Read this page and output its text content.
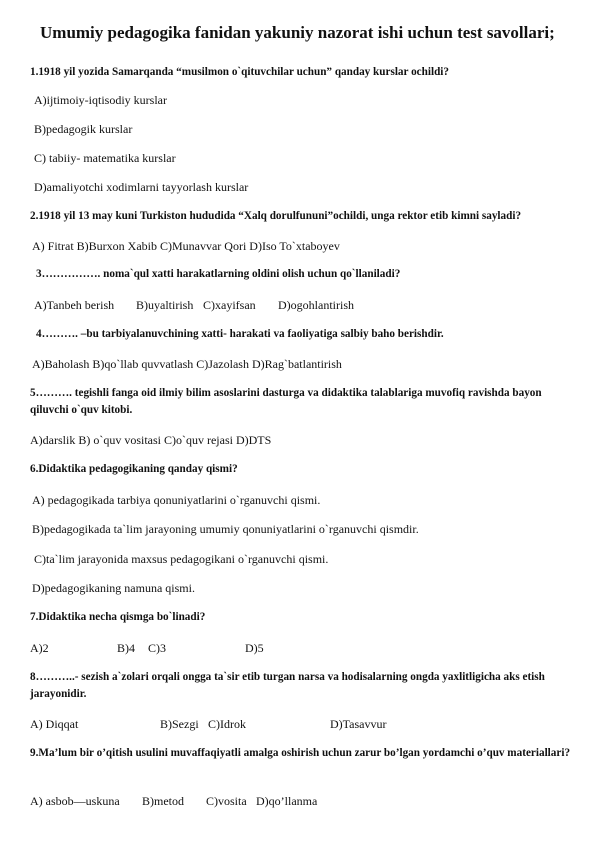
Umumiy pedagogika fanidan yakuniy nazorat ishi uchun test savollari;
1.1918 yil yozida Samarqanda “musilmon o`qituvchilar uchun” qanday kurslar ochildi?
A)ijtimoiy-iqtisodiy kurslar
B)pedagogik kurslar
C) tabiiy- matematika kurslar
D)amaliyotchi xodimlarni tayyorlash kurslar
2.1918 yil 13 may kuni Turkiston hududida “Xalq dorulfununi”ochildi, unga rektor etib kimni sayladi?
A) Fitrat B)Burxon Xabib C)Munavvar Qori D)Iso To`xtaboyev
3……………. noma`qul xatti harakatlarning oldini olish uchun qo`llaniladi?
A)Tanbeh berish B)uyaltirish C)xayifsan D)ogohlantirish
4………. –bu tarbiyalanuvchining xatti- harakati va faoliyatiga salbiy baho berishdir.
A)Baholash B)qo`llab quvvatlash C)Jazolash D)Rag`batlantirish
5………. tegishli fanga oid ilmiy bilim asoslarini dasturga va didaktika talablariga muvofiq ravishda bayon qiluvchi o`quv kitobi.
A)darslik B) o`quv vositasi C)o`quv rejasi D)DTS
6.Didaktika pedagogikaning qanday qismi?
A) pedagogikada tarbiya qonuniyatlarini o`rganuvchi qismi.
B)pedagogikada ta`lim jarayoning umumiy qonuniyatlarini o`rganuvchi qismdir.
C)ta`lim jarayonida maxsus pedagogikani o`rganuvchi qismi.
D)pedagogikaning namuna qismi.
7.Didaktika necha qismga bo`linadi?
A)2	B)4 C)3	D)5
8………..- sezish a`zolari orqali ongga ta`sir etib turgan narsa va hodisalarning ongda yaxlitligicha aks etish jarayonidir.
A) Diqqat	B)Sezgi C)Idrok	D)Tasavvur
9.Ma’lum bir o’qitish usulini muvaffaqiyatli amalga oshirish uchun zarur bo’lgan yordamchi o’quv materiallari?
A) asbob—uskuna B)metod C)vosita D)qo’llanma
